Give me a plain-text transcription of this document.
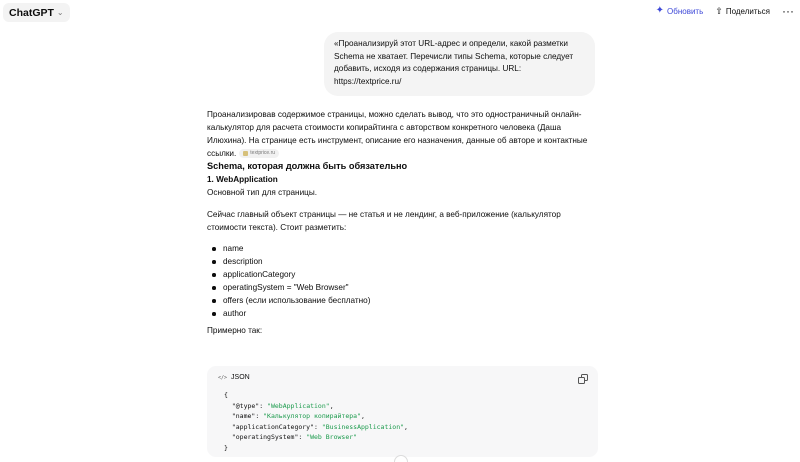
ChatGPT ⌄	✦ Обновить ⇧ Поделиться ···
«Проанализируй этот URL-адрес и определи, какой разметки Schema не хватает. Перечисли типы Schema, которые следует добавить, исходя из содержания страницы. URL: https://textprice.ru/

Проанализировав содержимое страницы, можно сделать вывод, что это одностраничный онлайн-калькулятор для расчета стоимости копирайтинга с авторством конкретного человека (Даша Илюхина). На странице есть инструмент, описание его назначения, данные об авторе и контактные ссылки.	textprice.ru

Schema, которая должна быть обязательно

1. WebApplication

Основной тип для страницы.

Сейчас главный объект страницы — не статья и не лендинг, а веб-приложение (калькулятор стоимости текста). Стоит разметить:

name
description
applicationCategory
operatingSystem = "Web Browser"
offers (если использование бесплатно)
author

Примерно так:

</> JSON
{
"@type": "WebApplication",
"name": "Калькулятор копирайтера",
"applicationCategory": "BusinessApplication",
"operatingSystem": "Web Browser"
}
